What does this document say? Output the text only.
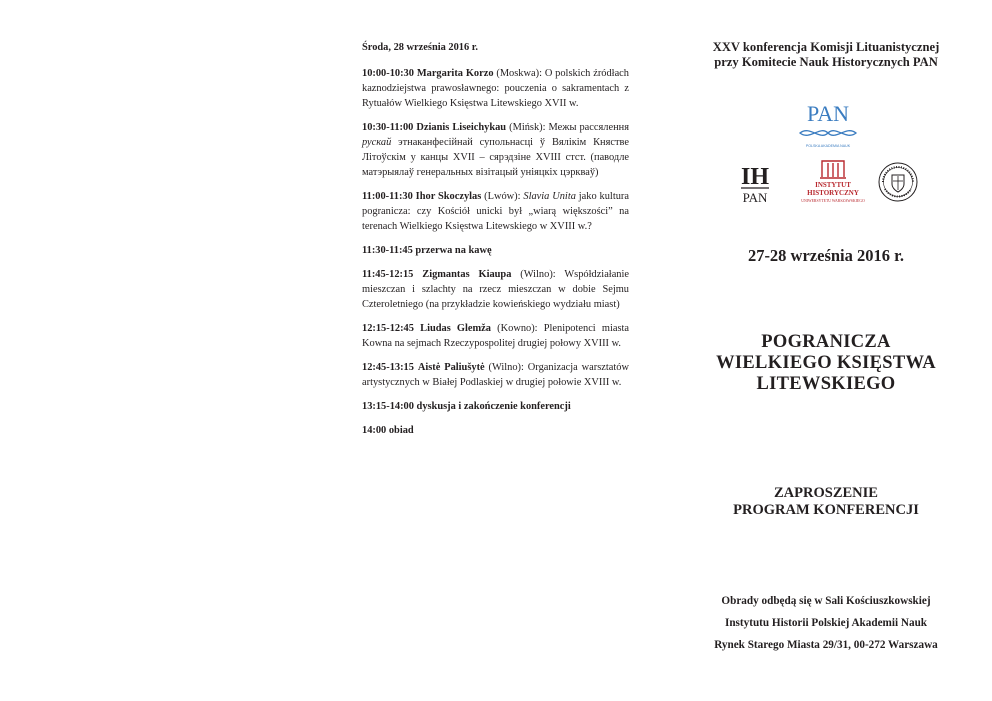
Środa, 28 września 2016 r.

10:00-10:30 Margarita Korzo (Moskwa): O polskich źródłach kaznodziejstwa prawosławnego: pouczenia o sakramentach z Rytuałów Wielkiego Księstwa Litewskiego XVII w.

10:30-11:00 Dzianis Liseichykau (Mińsk): Межы рассялення рускай этнаканфесійнай супольнасці ў Вялікім Княстве Літоўскім у канцы XVII – сярэдзіне XVIII стст. (паводле матэрыялаў генеральных візітацый уніяцкіх цэркваў)

11:00-11:30 Ihor Skoczylas (Lwów): Slavia Unita jako kultura pogranicza: czy Kościół unicki był „wiarą większości” na terenach Wielkiego Księstwa Litewskiego w XVIII w.?

11:30-11:45 przerwa na kawę

11:45-12:15 Zigmantas Kiaupa (Wilno): Współdziałanie mieszczan i szlachty na rzecz mieszczan w dobie Sejmu Czteroletniego (na przykładzie kowieńskiego wydziału miast)

12:15-12:45 Liudas Glemža (Kowno): Plenipotenci miasta Kowna na sejmach Rzeczypospolitej drugiej połowy XVIII w.

12:45-13:15 Aistė Paliušytė (Wilno): Organizacja warsztatów artystycznych w Białej Podlaskiej w drugiej połowie XVIII w.

13:15-14:00 dyskusja i zakończenie konferencji

14:00 obiad

XXV konferencja Komisji Lituanistycznej
przy Komitecie Nauk Historycznych PAN
PAN
POLSKA AKADEMIA NAUK
IH
PAN
INSTYTUT
HISTORYCZNY
UNIWERSYTETU WARSZAWSKIEGO
27-28 września 2016 r.
POGRANICZA
WIELKIEGO KSIĘSTWA
LITEWSKIEGO
ZAPROSZENIE
PROGRAM KONFERENCJI
Obrady odbędą się w Sali Kościuszkowskiej
Instytutu Historii Polskiej Akademii Nauk
Rynek Starego Miasta 29/31, 00-272 Warszawa
